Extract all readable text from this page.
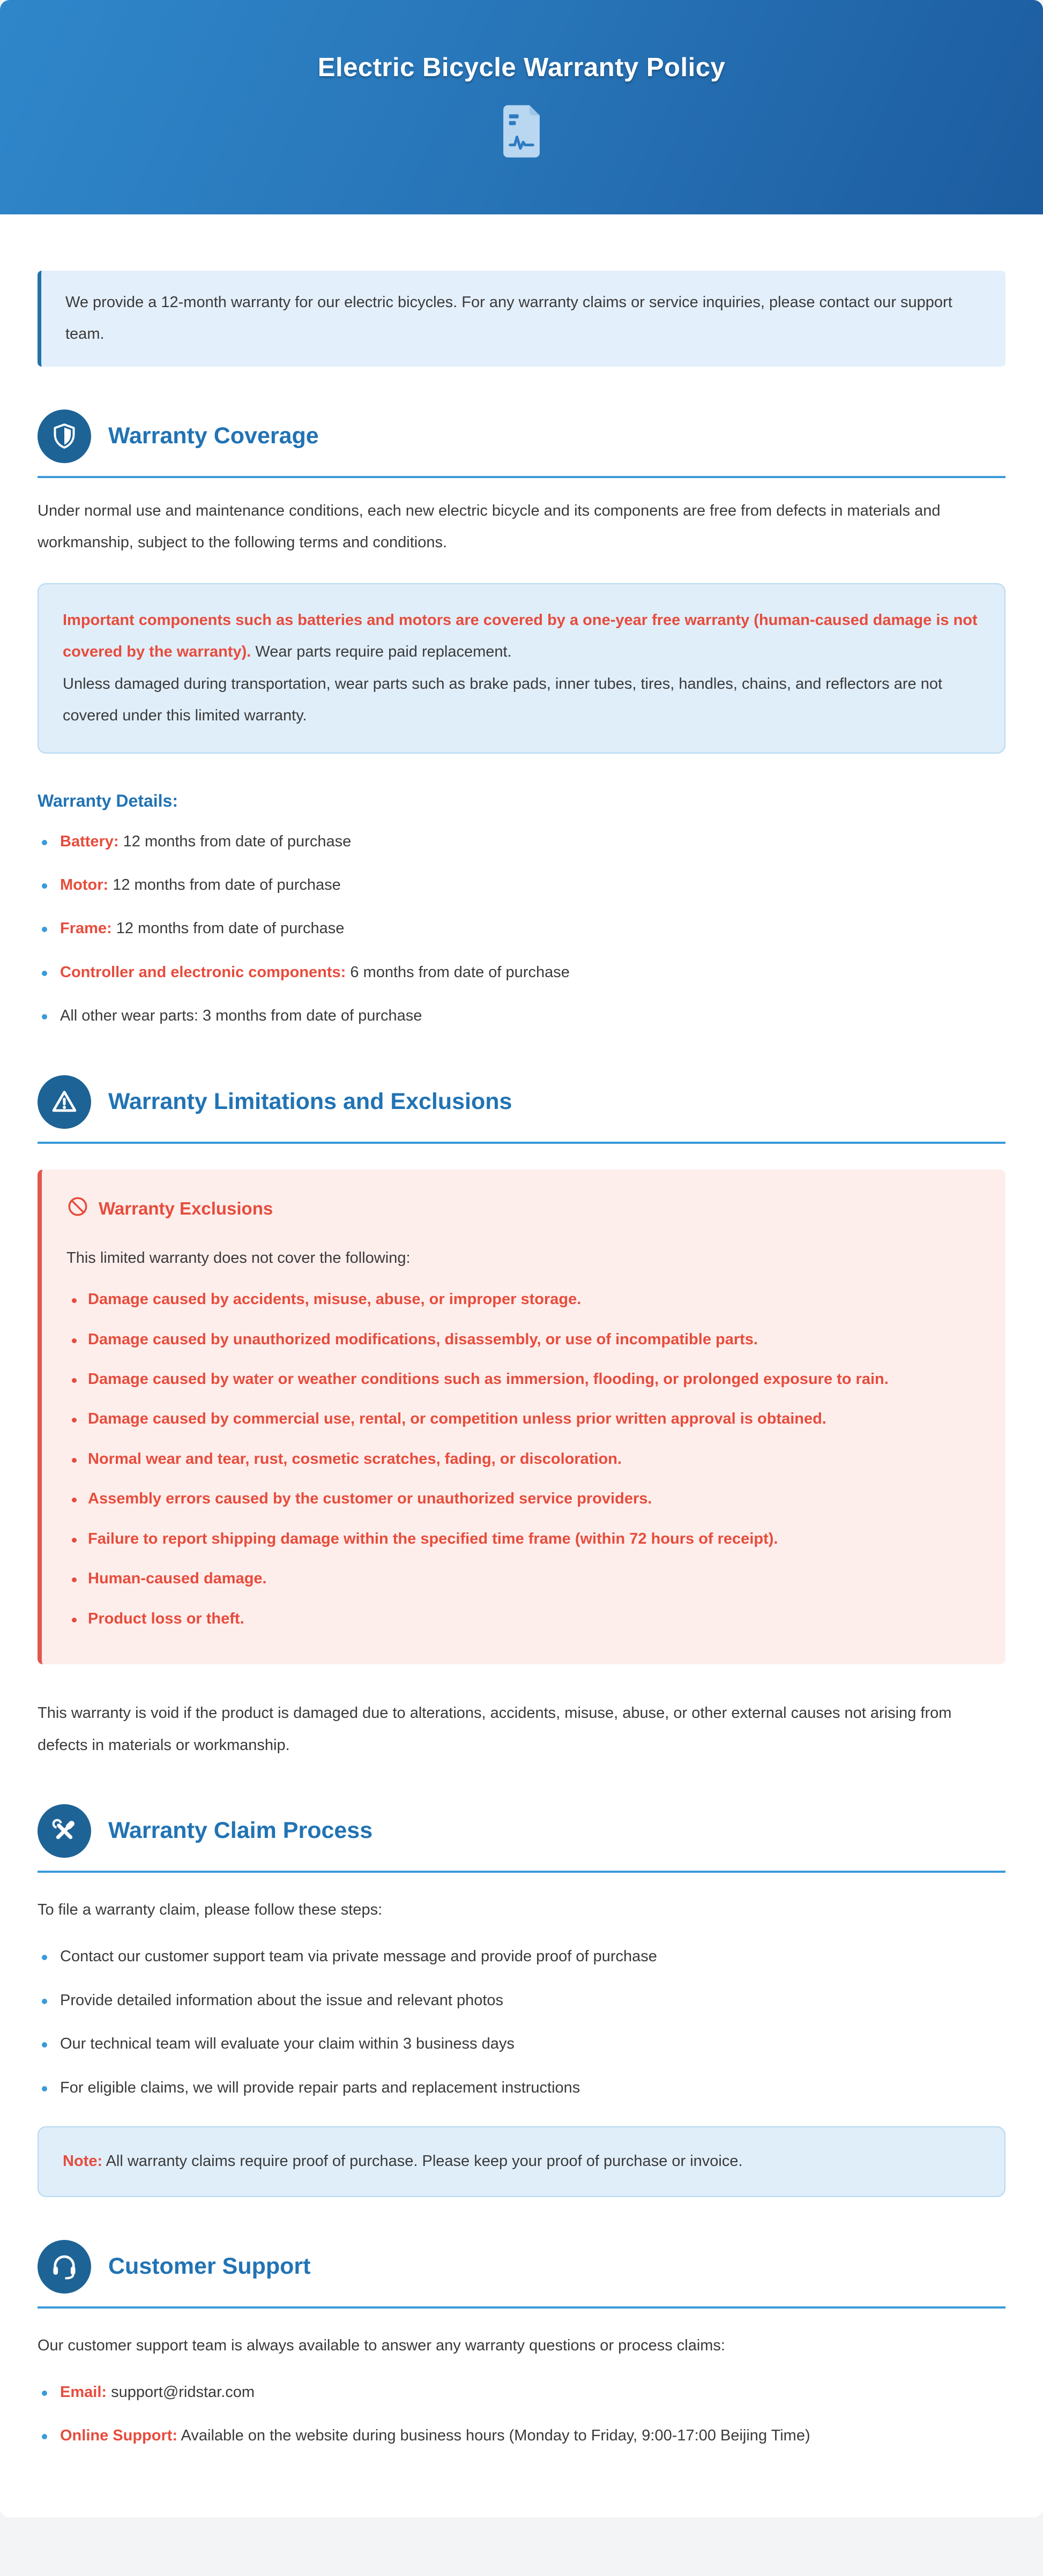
Electric Bicycle Warranty Policy

We provide a 12-month warranty for our electric bicycles. For any warranty claims or service inquiries, please contact our support team.

Warranty Coverage

Under normal use and maintenance conditions, each new electric bicycle and its components are free from defects in materials and workmanship, subject to the following terms and conditions.

Important components such as batteries and motors are covered by a one-year free warranty (human-caused damage is not covered by the warranty). Wear parts require paid replacement.

Unless damaged during transportation, wear parts such as brake pads, inner tubes, tires, handles, chains, and reflectors are not covered under this limited warranty.

Warranty Details:
Battery: 12 months from date of purchase
Motor: 12 months from date of purchase
Frame: 12 months from date of purchase
Controller and electronic components: 6 months from date of purchase
All other wear parts: 3 months from date of purchase
Warranty Limitations and Exclusions
Warranty Exclusions

This limited warranty does not cover the following:

Damage caused by accidents, misuse, abuse, or improper storage.
Damage caused by unauthorized modifications, disassembly, or use of incompatible parts.
Damage caused by water or weather conditions such as immersion, flooding, or prolonged exposure to rain.
Damage caused by commercial use, rental, or competition unless prior written approval is obtained.
Normal wear and tear, rust, cosmetic scratches, fading, or discoloration.
Assembly errors caused by the customer or unauthorized service providers.
Failure to report shipping damage within the specified time frame (within 72 hours of receipt).
Human-caused damage.
Product loss or theft.

This warranty is void if the product is damaged due to alterations, accidents, misuse, abuse, or other external causes not arising from defects in materials or workmanship.

Warranty Claim Process

To file a warranty claim, please follow these steps:

Contact our customer support team via private message and provide proof of purchase
Provide detailed information about the issue and relevant photos
Our technical team will evaluate your claim within 3 business days
For eligible claims, we will provide repair parts and replacement instructions

Note: All warranty claims require proof of purchase. Please keep your proof of purchase or invoice.

Customer Support

Our customer support team is always available to answer any warranty questions or process claims:

Email: support@ridstar.com
Online Support: Available on the website during business hours (Monday to Friday, 9:00-17:00 Beijing Time)
